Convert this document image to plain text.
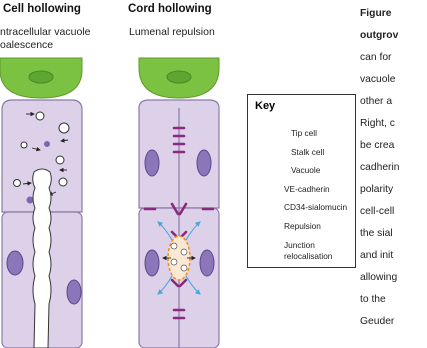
Cell hollowing
ntracellular vacuole
oalescence
Cord hollowing
Lumenal repulsion
Key
Tip cell
Stalk cell
Vacuole
VE-cadherin
CD34-sialomucin
Repulsion
Junction
relocalisation
Figure
outgrov
can for
vacuole
other a
Right, c
be crea
cadherin
polarity
cell-cell
the sial
and init
allowing
to the
Geuder
